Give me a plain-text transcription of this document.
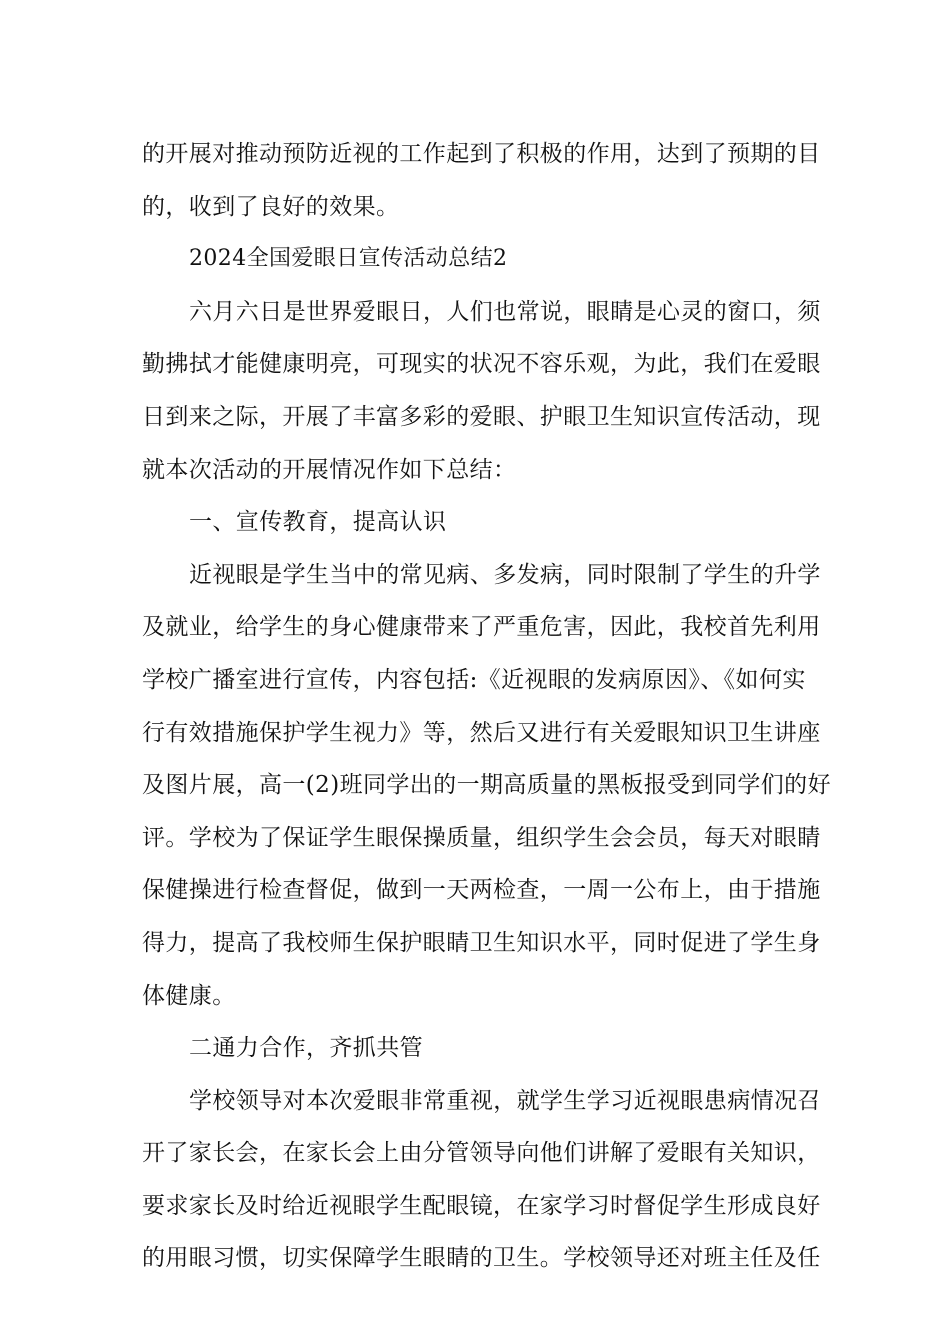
的开展对推动预防近视的工作起到了积极的作用，达到了预期的目
的，收到了良好的效果。
2024全国爱眼日宣传活动总结2
六月六日是世界爱眼日，人们也常说，眼睛是心灵的窗口，须
勤拂拭才能健康明亮，可现实的状况不容乐观，为此，我们在爱眼
日到来之际，开展了丰富多彩的爱眼、护眼卫生知识宣传活动，现
就本次活动的开展情况作如下总结：
一、宣传教育，提高认识
近视眼是学生当中的常见病、多发病，同时限制了学生的升学
及就业，给学生的身心健康带来了严重危害，因此，我校首先利用
学校广播室进行宣传，内容包括:《近视眼的发病原因》、《如何实
行有效措施保护学生视力》等，然后又进行有关爱眼知识卫生讲座
及图片展，高一(2)班同学出的一期高质量的黑板报受到同学们的好
评。学校为了保证学生眼保操质量，组织学生会会员，每天对眼睛
保健操进行检查督促，做到一天两检查，一周一公布上，由于措施
得力，提高了我校师生保护眼睛卫生知识水平，同时促进了学生身
体健康。
二通力合作，齐抓共管
学校领导对本次爱眼非常重视，就学生学习近视眼患病情况召
开了家长会，在家长会上由分管领导向他们讲解了爱眼有关知识，
要求家长及时给近视眼学生配眼镜，在家学习时督促学生形成良好
的用眼习惯，切实保障学生眼睛的卫生。学校领导还对班主任及任
